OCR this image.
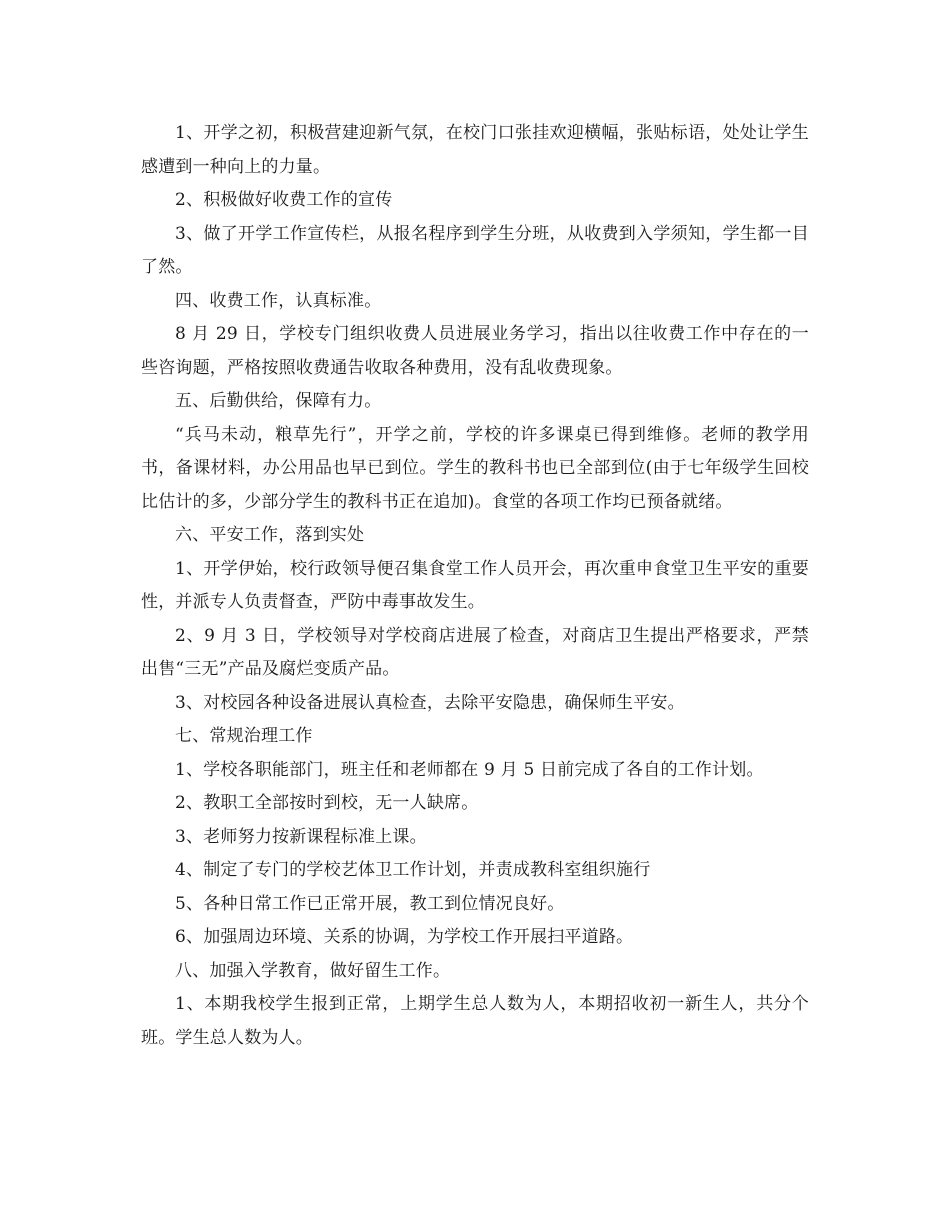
1、开学之初，积极营建迎新气氛，在校门口张挂欢迎横幅，张贴标语，处处让学生感遭到一种向上的力量。

2、积极做好收费工作的宣传

3、做了开学工作宣传栏，从报名程序到学生分班，从收费到入学须知，学生都一目了然。

四、收费工作，认真标准。

8 月 29 日，学校专门组织收费人员进展业务学习，指出以往收费工作中存在的一些咨询题，严格按照收费通告收取各种费用，没有乱收费现象。

五、后勤供给，保障有力。

“兵马未动，粮草先行”，开学之前，学校的许多课桌已得到维修。老师的教学用书，备课材料，办公用品也早已到位。学生的教科书也已全部到位(由于七年级学生回校比估计的多，少部分学生的教科书正在追加)。食堂的各项工作均已预备就绪。

六、平安工作，落到实处

1、开学伊始，校行政领导便召集食堂工作人员开会，再次重申食堂卫生平安的重要性，并派专人负责督查，严防中毒事故发生。

2、9 月 3 日，学校领导对学校商店进展了检查，对商店卫生提出严格要求，严禁出售“三无”产品及腐烂变质产品。

3、对校园各种设备进展认真检查，去除平安隐患，确保师生平安。

七、常规治理工作

1、学校各职能部门，班主任和老师都在 9 月 5 日前完成了各自的工作计划。

2、教职工全部按时到校，无一人缺席。

3、老师努力按新课程标准上课。

4、制定了专门的学校艺体卫工作计划，并责成教科室组织施行

5、各种日常工作已正常开展，教工到位情况良好。

6、加强周边环境、关系的协调，为学校工作开展扫平道路。

八、加强入学教育，做好留生工作。

1、本期我校学生报到正常，上期学生总人数为人，本期招收初一新生人，共分个班。学生总人数为人。
